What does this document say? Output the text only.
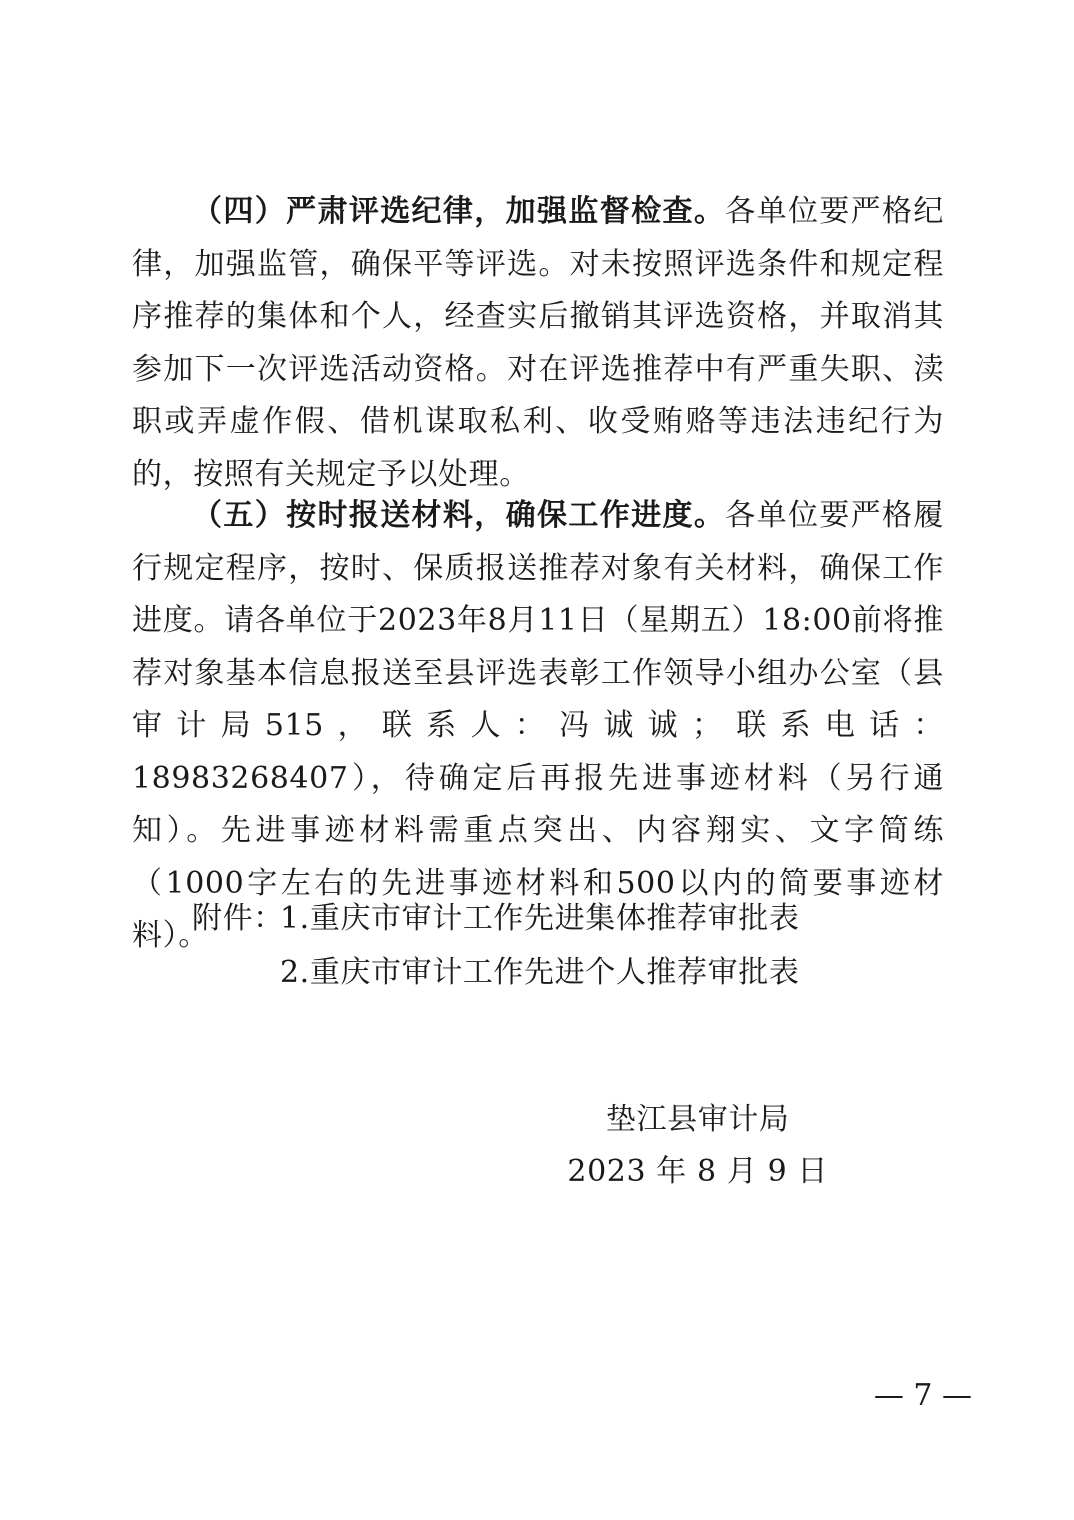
（四）严肃评选纪律，加强监督检查。各单位要严格纪律，加强监管，确保平等评选。对未按照评选条件和规定程序推荐的集体和个人，经查实后撤销其评选资格，并取消其参加下一次评选活动资格。对在评选推荐中有严重失职、渎职或弄虚作假、借机谋取私利、收受贿赂等违法违纪行为的，按照有关规定予以处理。

（五）按时报送材料，确保工作进度。各单位要严格履行规定程序，按时、保质报送推荐对象有关材料，确保工作进度。请各单位于2023年8月11日（星期五）18:00前将推荐对象基本信息报送至县评选表彰工作领导小组办公室（县审计局515，联系人：冯诚诚；联系电话：18983268407），待确定后再报先进事迹材料（另行通知）。先进事迹材料需重点突出、内容翔实、文字简练（1000字左右的先进事迹材料和500以内的简要事迹材料）。

附件：
1.重庆市审计工作先进集体推荐审批表
2.重庆市审计工作先进个人推荐审批表
垫江县审计局
2023 年 8 月 9 日
— 7 —
